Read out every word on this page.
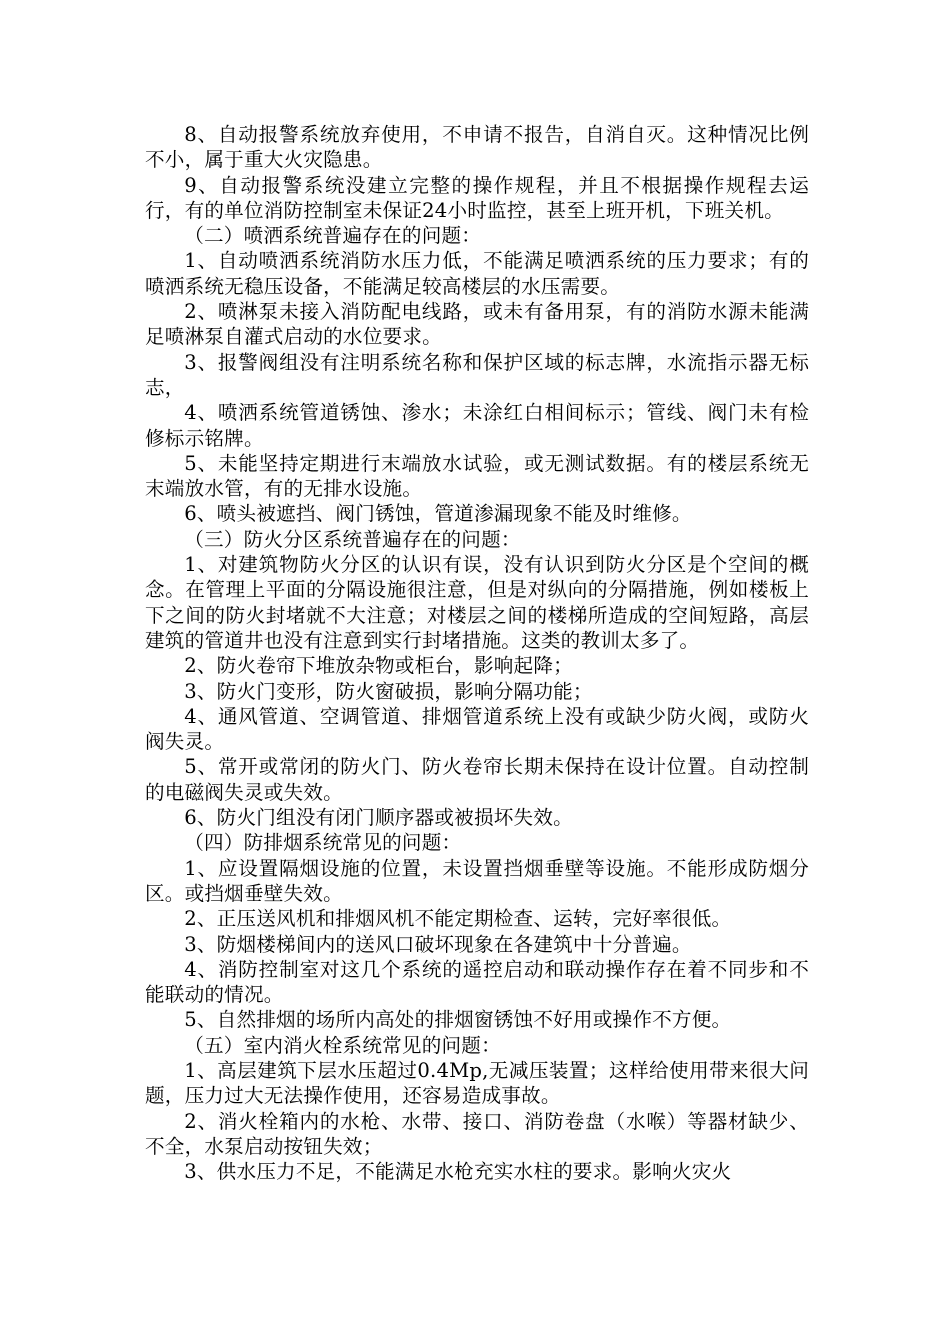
8、自动报警系统放弃使用，不申请不报告，自消自灭。这种情况比例不小，属于重大火灾隐患。

9、自动报警系统没建立完整的操作规程，并且不根据操作规程去运行，有的单位消防控制室未保证24小时监控，甚至上班开机，下班关机。

（二）喷洒系统普遍存在的问题：

1、自动喷洒系统消防水压力低，不能满足喷洒系统的压力要求；有的喷洒系统无稳压设备，不能满足较高楼层的水压需要。

2、喷淋泵未接入消防配电线路，或未有备用泵，有的消防水源未能满足喷淋泵自灌式启动的水位要求。

3、报警阀组没有注明系统名称和保护区域的标志牌，水流指示器无标志，

4、喷洒系统管道锈蚀、渗水；未涂红白相间标示；管线、阀门未有检修标示铭牌。

5、未能坚持定期进行末端放水试验，或无测试数据。有的楼层系统无末端放水管，有的无排水设施。

6、喷头被遮挡、阀门锈蚀，管道渗漏现象不能及时维修。

（三）防火分区系统普遍存在的问题：

1、对建筑物防火分区的认识有误，没有认识到防火分区是个空间的概念。在管理上平面的分隔设施很注意，但是对纵向的分隔措施，例如楼板上下之间的防火封堵就不大注意；对楼层之间的楼梯所造成的空间短路，高层建筑的管道井也没有注意到实行封堵措施。这类的教训太多了。

2、防火卷帘下堆放杂物或柜台，影响起降；

3、防火门变形，防火窗破损，影响分隔功能；

4、通风管道、空调管道、排烟管道系统上没有或缺少防火阀，或防火阀失灵。

5、常开或常闭的防火门、防火卷帘长期未保持在设计位置。自动控制的电磁阀失灵或失效。

6、防火门组没有闭门顺序器或被损坏失效。

（四）防排烟系统常见的问题：

1、应设置隔烟设施的位置，未设置挡烟垂壁等设施。不能形成防烟分区。或挡烟垂壁失效。

2、正压送风机和排烟风机不能定期检查、运转，完好率很低。

3、防烟楼梯间内的送风口破坏现象在各建筑中十分普遍。

4、消防控制室对这几个系统的遥控启动和联动操作存在着不同步和不能联动的情况。

5、自然排烟的场所内高处的排烟窗锈蚀不好用或操作不方便。

（五）室内消火栓系统常见的问题：

1、高层建筑下层水压超过0.4Mp,无减压装置；这样给使用带来很大问题，压力过大无法操作使用，还容易造成事故。

2、消火栓箱内的水枪、水带、接口、消防卷盘（水喉）等器材缺少、不全，水泵启动按钮失效；

3、供水压力不足，不能满足水枪充实水柱的要求。影响火灾火
